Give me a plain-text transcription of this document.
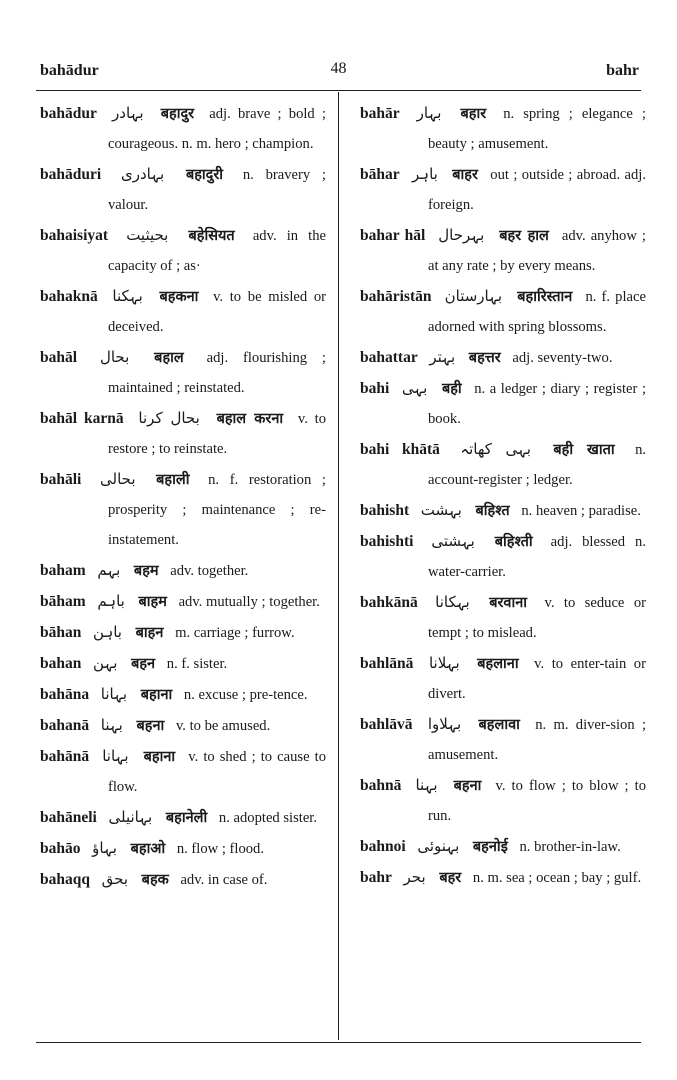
bahādur	48	bahr

bahādur بہادر बहादुर adj. brave ; bold ; courageous. n. m. hero ; champion.

bahāduri بہادری बहादुरी n. bravery ; valour.

bahaisiyat بحیثیت बहेसियत adv. in the capacity of ; as·

bahaknā بہکنا बहकना v. to be misled or deceived.

bahāl بحال बहाल adj. flourishing ; maintained ; reinstated.

bahāl karnā بحال کرنا बहाल करना v. to restore ; to reinstate.

bahāli بحالی बहाली n. f. restoration ; prosperity ; maintenance ; re-instatement.

baham بہم बहम adv. together.

bāham باہم बाहम adv. mutually ; together.

bāhan باہن बाहन m. carriage ; furrow.

bahan بہن बहन n. f. sister.

bahāna بہانا बहाना n. excuse ; pre-tence.

bahanā بہنا बहना v. to be amused.

bahānā بہانا बहाना v. to shed ; to cause to flow.

bahāneli بہانیلی बहानेली n. adopted sister.

bahāo بہاؤ बहाओ n. flow ; flood.

bahaqq بحق बहक adv. in case of.

bahār بہار बहार n. spring ; elegance ; beauty ; amusement.

bāhar باہر बाहर out ; outside ; abroad. adj. foreign.

bahar hāl بہرحال बहर हाल adv. anyhow ; at any rate ; by every means.

bahāristān بہارستان बहारिस्तान n. f. place adorned with spring blossoms.

bahattar بہتر बहत्तर adj. seventy-two.

bahi بہی बही n. a ledger ; diary ; register ; book.

bahi khātā بہی کھاتہ बही खाता n. account-register ; ledger.

bahisht بہشت बहिश्त n. heaven ; paradise.

bahishti بہشتی बहिश्ती adj. blessed n. water-carrier.

bahkānā بہکانا बरवाना v. to seduce or tempt ; to mislead.

bahlānā بہلانا बहलाना v. to enter-tain or divert.

bahlāvā بہلاوا बहलावा n. m. diver-sion ; amusement.

bahnā بہنا बहना v. to flow ; to blow ; to run.

bahnoi بہنوئی बहनोई n. brother-in-law.

bahr بحر बहर n. m. sea ; ocean ; bay ; gulf.
